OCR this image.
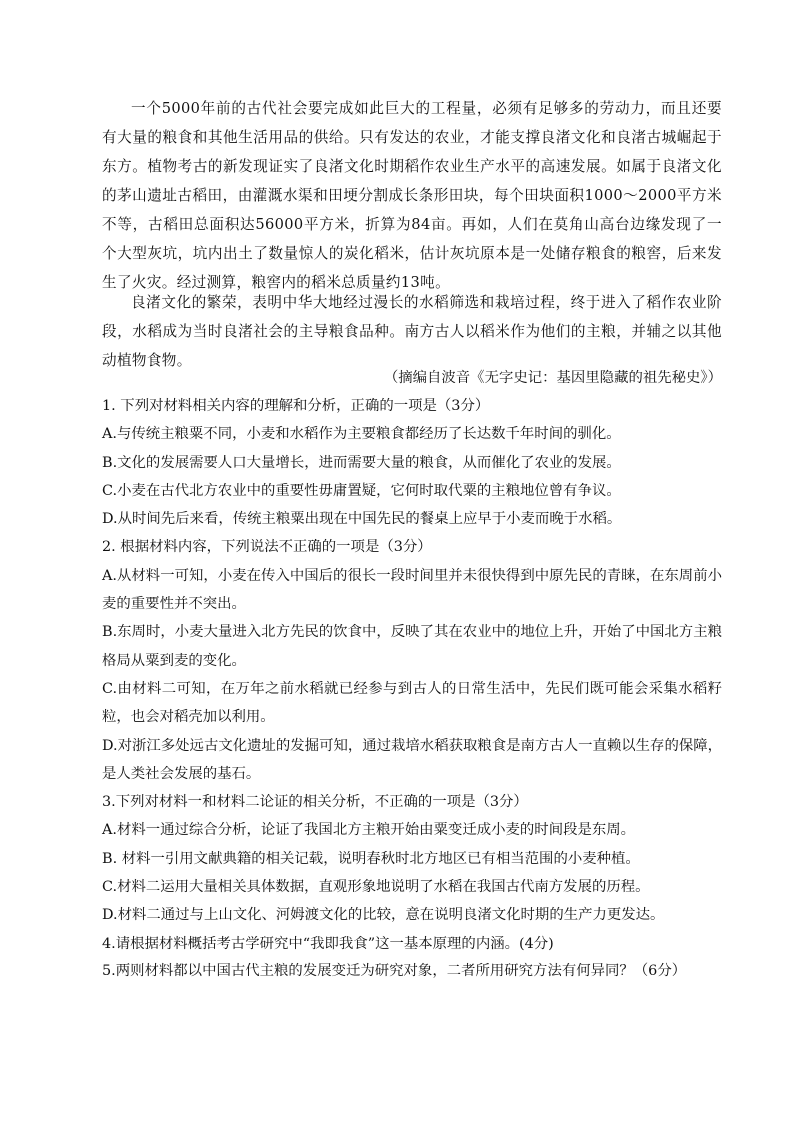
一个5000年前的古代社会要完成如此巨大的工程量，必须有足够多的劳动力，而且还要有大量的粮食和其他生活用品的供给。只有发达的农业，才能支撑良渚文化和良渚古城崛起于东方。植物考古的新发现证实了良渚文化时期稻作农业生产水平的高速发展。如属于良渚文化的茅山遗址古稻田，由灌溉水渠和田埂分割成长条形田块，每个田块面积1000～2000平方米不等，古稻田总面积达56000平方米，折算为84亩。再如，人们在莫角山高台边缘发现了一个大型灰坑，坑内出土了数量惊人的炭化稻米，估计灰坑原本是一处储存粮食的粮窖，后来发生了火灾。经过测算，粮窖内的稻米总质量约13吨。

良渚文化的繁荣，表明中华大地经过漫长的水稻筛选和栽培过程，终于进入了稻作农业阶段，水稻成为当时良渚社会的主导粮食品种。南方古人以稻米作为他们的主粮，并辅之以其他动植物食物。

（摘编自波音《无字史记：基因里隐藏的祖先秘史》）

1. 下列对材料相关内容的理解和分析，正确的一项是（3分）
A.与传统主粮粟不同，小麦和水稻作为主要粮食都经历了长达数千年时间的驯化。
B.文化的发展需要人口大量增长，进而需要大量的粮食，从而催化了农业的发展。
C.小麦在古代北方农业中的重要性毋庸置疑，它何时取代粟的主粮地位曾有争议。
D.从时间先后来看，传统主粮粟出现在中国先民的餐桌上应早于小麦而晚于水稻。
2. 根据材料内容，下列说法不正确的一项是（3分）
A.从材料一可知，小麦在传入中国后的很长一段时间里并未很快得到中原先民的青睐，在东周前小麦的重要性并不突出。
B.东周时，小麦大量进入北方先民的饮食中，反映了其在农业中的地位上升，开始了中国北方主粮格局从粟到麦的变化。
C.由材料二可知，在万年之前水稻就已经参与到古人的日常生活中，先民们既可能会采集水稻籽粒，也会对稻壳加以利用。
D.对浙江多处远古文化遗址的发掘可知，通过栽培水稻获取粮食是南方古人一直赖以生存的保障，是人类社会发展的基石。
3.下列对材料一和材料二论证的相关分析，不正确的一项是（3分）
A.材料一通过综合分析，论证了我国北方主粮开始由粟变迁成小麦的时间段是东周。
B. 材料一引用文献典籍的相关记载，说明春秋时北方地区已有相当范围的小麦种植。
C.材料二运用大量相关具体数据，直观形象地说明了水稻在我国古代南方发展的历程。
D.材料二通过与上山文化、河姆渡文化的比较，意在说明良渚文化时期的生产力更发达。
4.请根据材料概括考古学研究中“我即我食”这一基本原理的内涵。(4分)
5.两则材料都以中国古代主粮的发展变迁为研究对象，二者所用研究方法有何异同？（6分）
